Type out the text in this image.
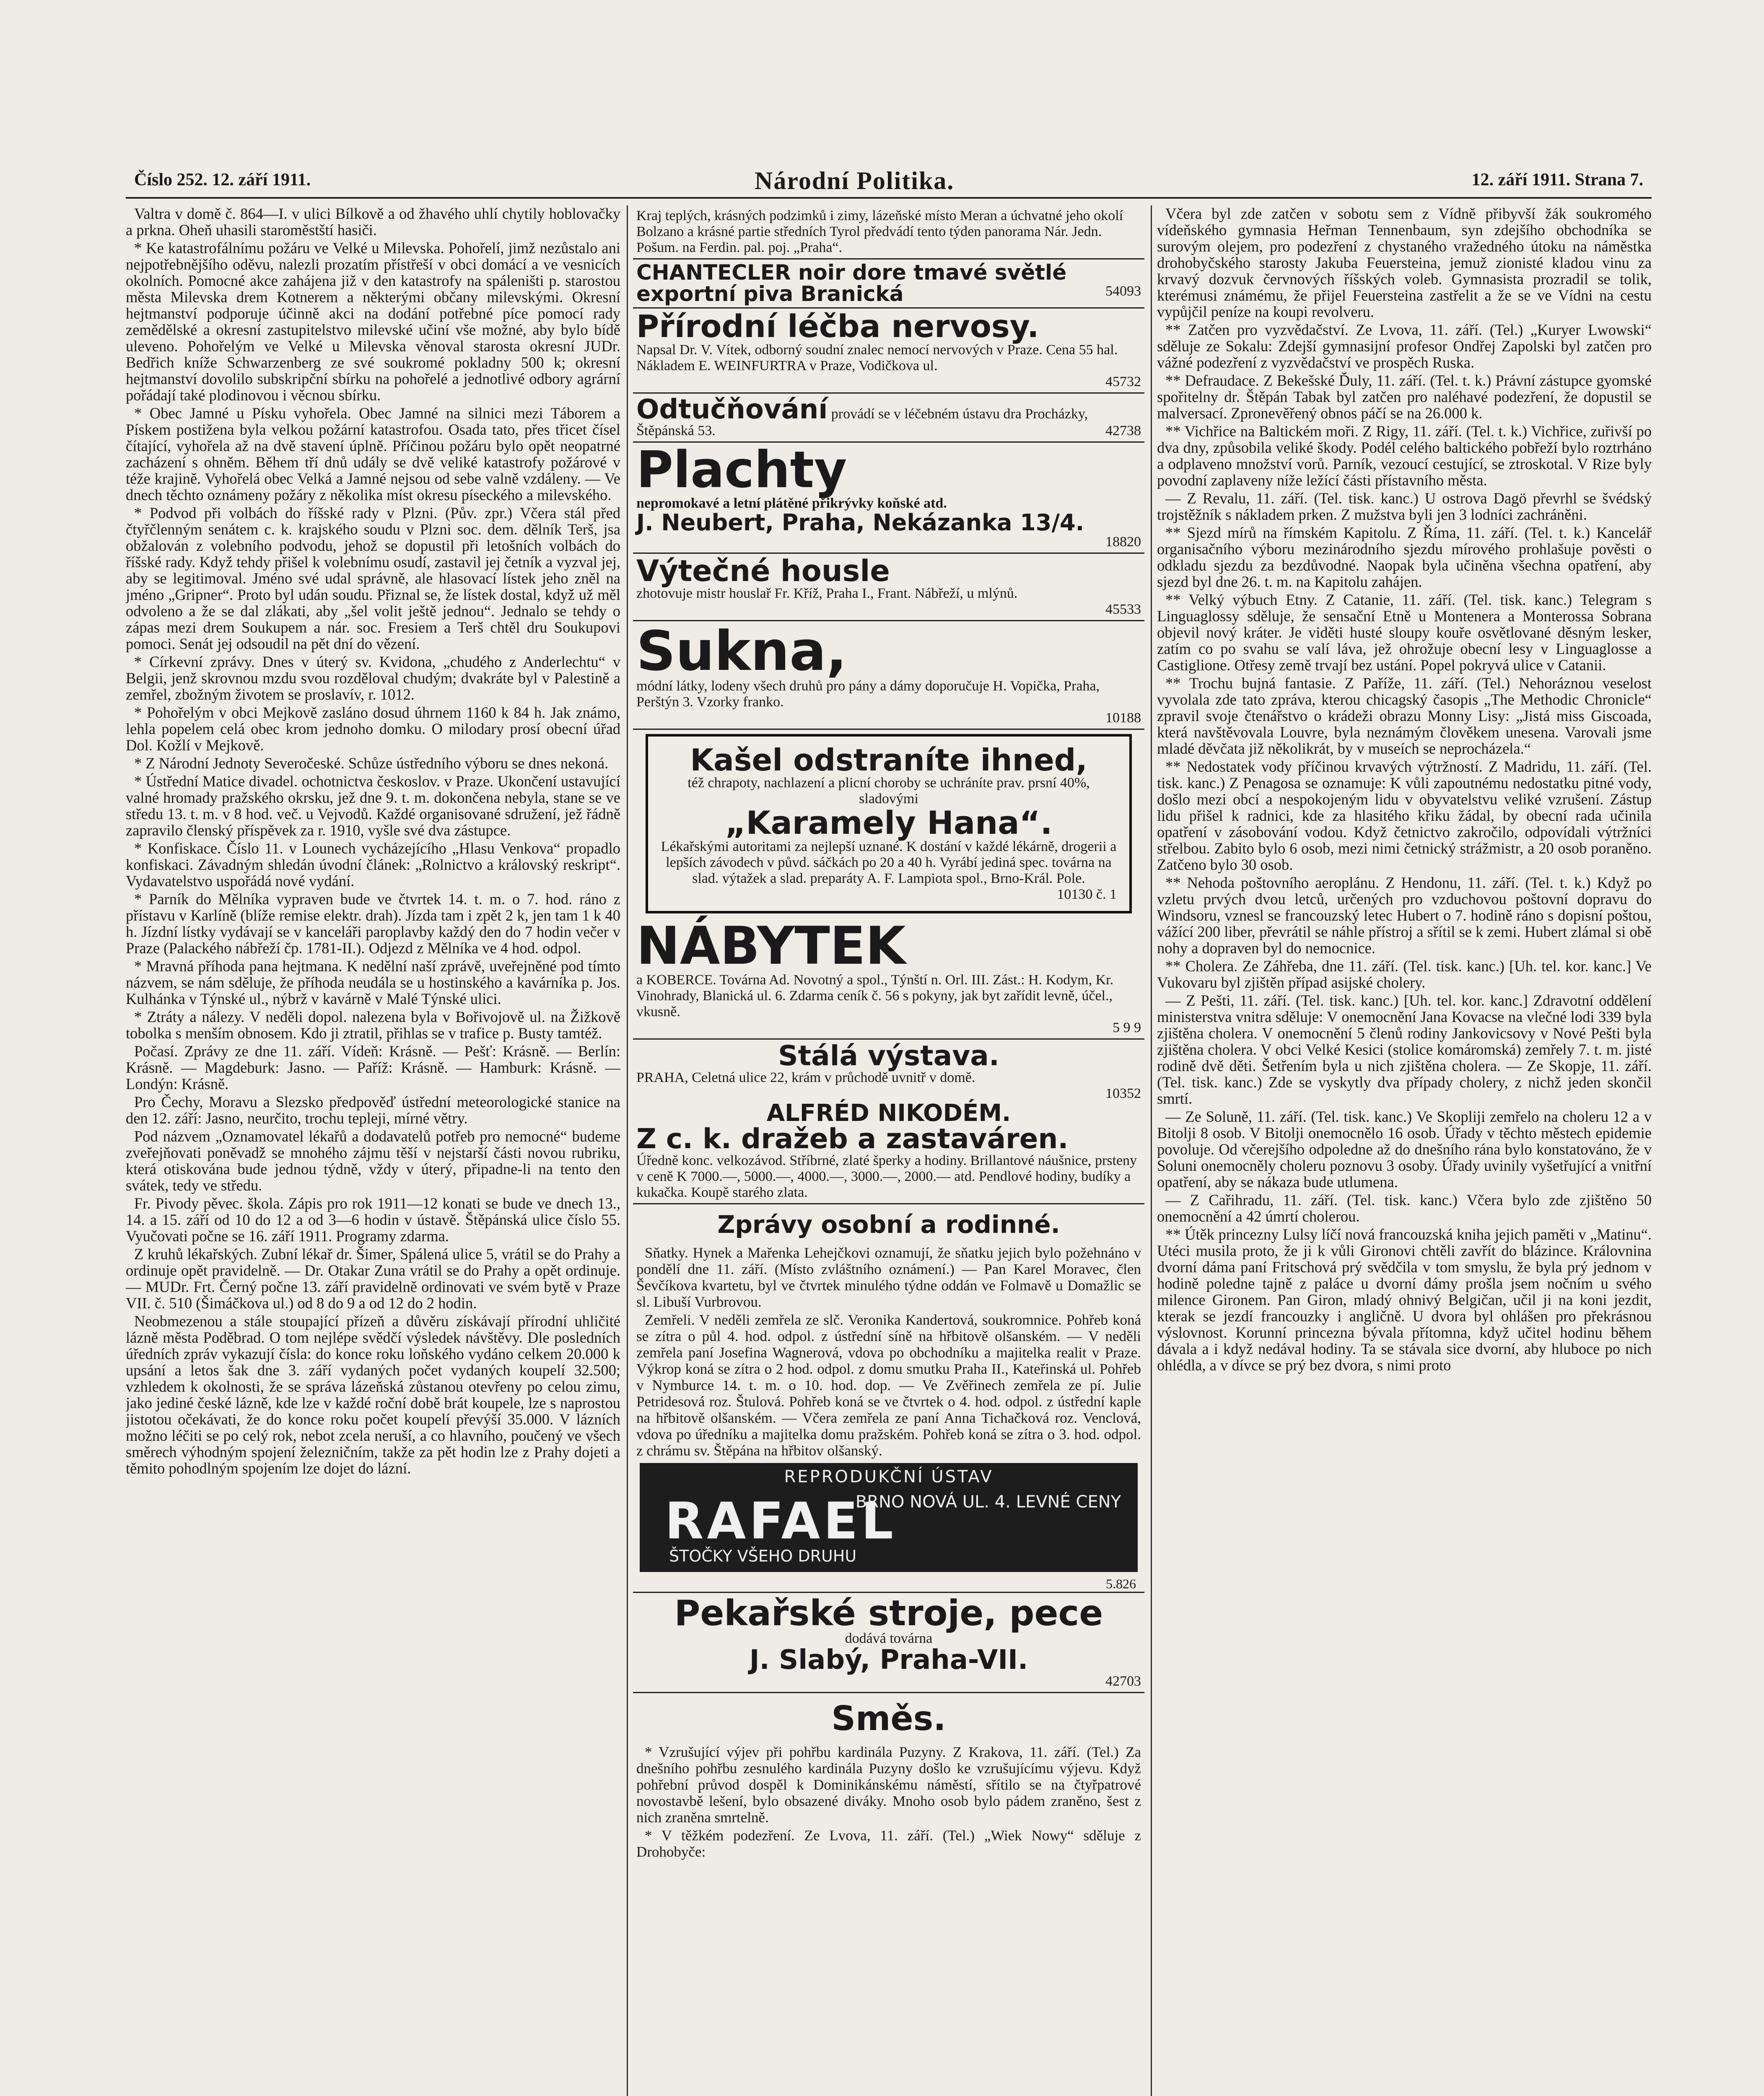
Číslo 252. 12. září 1911.	Národní Politika.	12. září 1911. Strana 7.

Valtra v domě č. 864—I. v ulici Bílkově a od žhavého uhlí chytily hoblovačky a prkna. Oheň uhasili staroměstští hasiči.

* Ke katastrofálnímu požáru ve Velké u Milevska. Pohořelí, jimž nezůstalo ani nejpotřebnějšího oděvu, nalezli prozatím přístřeší v obci domácí a ve vesnicích okolních. Pomocné akce zahájena již v den katastrofy na spáleništi p. starostou města Milevska drem Kotnerem a některými občany milevskými. Okresní hejtmanství podporuje účinně akci na dodání potřebné píce pomocí rady zemědělské a okresní zastupitelstvo milevské učiní vše možné, aby bylo bídě uleveno. Pohořelým ve Velké u Milevska věnoval starosta okresní JUDr. Bedřich kníže Schwarzenberg ze své soukromé pokladny 500 k; okresní hejtmanství dovolilo subskripční sbírku na pohořelé a jednotlivé odbory agrární pořádají také plodinovou i věcnou sbírku.

* Obec Jamné u Písku vyhořela. Obec Jamné na silnici mezi Táborem a Pískem postižena byla velkou požární katastrofou. Osada tato, přes třicet čísel čítající, vyhořela až na dvě stavení úplně. Příčinou požáru bylo opět neopatrné zacházení s ohněm. Během tří dnů udály se dvě veliké katastrofy požárové v téže krajině. Vyhořelá obec Velká a Jamné nejsou od sebe valně vzdáleny. — Ve dnech těchto oznámeny požáry z několika míst okresu píseckého a milevského.

* Podvod při volbách do říšské rady v Plzni. (Pův. zpr.) Včera stál před čtyřčlenným senátem c. k. krajského soudu v Plzni soc. dem. dělník Terš, jsa obžalován z volebního podvodu, jehož se dopustil při letošních volbách do říšské rady. Když tehdy přišel k volebnímu osudí, zastavil jej četník a vyzval jej, aby se legitimoval. Jméno své udal správně, ale hlasovací lístek jeho zněl na jméno „Gripner“. Proto byl udán soudu. Přiznal se, že lístek dostal, když už měl odvoleno a že se dal zlákati, aby „šel volit ještě jednou“. Jednalo se tehdy o zápas mezi drem Soukupem a nár. soc. Fresiem a Terš chtěl dru Soukupovi pomoci. Senát jej odsoudil na pět dní do vězení.

* Církevní zprávy. Dnes v úterý sv. Kvidona, „chudého z Anderlechtu“ v Belgii, jenž skrovnou mzdu svou rozděloval chudým; dvakráte byl v Palestině a zemřel, zbožným životem se proslavív, r. 1012.

* Pohořelým v obci Mejkově zasláno dosud úhrnem 1160 k 84 h. Jak známo, lehla popelem celá obec krom jednoho domku. O milodary prosí obecní úřad Dol. Kožlí v Mejkově.

* Z Národní Jednoty Severočeské. Schůze ústředního výboru se dnes nekoná.

* Ústřední Matice divadel. ochotnictva českoslov. v Praze. Ukončení ustavující valné hromady pražského okrsku, jež dne 9. t. m. dokončena nebyla, stane se ve středu 13. t. m. v 8 hod. več. u Vejvodů. Každé organisované sdružení, jež řádně zapravilo členský příspěvek za r. 1910, vyšle své dva zástupce.

* Konfiskace. Číslo 11. v Lounech vycházejícího „Hlasu Venkova“ propadlo konfiskaci. Závadným shledán úvodní článek: „Rolnictvo a královský reskript“. Vydavatelstvo uspořádá nové vydání.

* Parník do Mělníka vypraven bude ve čtvrtek 14. t. m. o 7. hod. ráno z přístavu v Karlíně (blíže remise elektr. drah). Jízda tam i zpět 2 k, jen tam 1 k 40 h. Jízdní lístky vydávají se v kanceláři paroplavby každý den do 7 hodin večer v Praze (Palackého nábřeží čp. 1781-II.). Odjezd z Mělníka ve 4 hod. odpol.

* Mravná příhoda pana hejtmana. K nedělní naší zprávě, uveřejněné pod tímto názvem, se nám sděluje, že příhoda neudála se u hostinského a kavárníka p. Jos. Kulhánka v Týnské ul., nýbrž v kavárně v Malé Týnské ulici.

* Ztráty a nálezy. V neděli dopol. nalezena byla v Bořivojově ul. na Žižkově tobolka s menším obnosem. Kdo ji ztratil, přihlas se v trafice p. Busty tamtéž.

Počasí. Zprávy ze dne 11. září. Vídeň: Krásně. — Pešť: Krásně. — Berlín: Krásně. — Magdeburk: Jasno. — Paříž: Krásně. — Hamburk: Krásně. — Londýn: Krásně.

Pro Čechy, Moravu a Slezsko předpověď ústřední meteorologické stanice na den 12. září: Jasno, neurčito, trochu tepleji, mírné větry.

Pod názvem „Oznamovatel lékařů a dodavatelů potřeb pro nemocné“ budeme zveřejňovati poněvadž se mnohého zájmu těší v nejstarší části novou rubriku, která otiskována bude jednou týdně, vždy v úterý, připadne-li na tento den svátek, tedy ve středu.

Fr. Pivody pěvec. škola. Zápis pro rok 1911—12 konati se bude ve dnech 13., 14. a 15. září od 10 do 12 a od 3—6 hodin v ústavě. Štěpánská ulice číslo 55. Vyučovati počne se 16. září 1911. Programy zdarma.

Z kruhů lékařských. Zubní lékař dr. Šimer, Spálená ulice 5, vrátil se do Prahy a ordinuje opět pravidelně. — Dr. Otakar Zuna vrátil se do Prahy a opět ordinuje. — MUDr. Frt. Černý počne 13. září pravidelně ordinovati ve svém bytě v Praze VII. č. 510 (Šimáčkova ul.) od 8 do 9 a od 12 do 2 hodin.

Neobmezenou a stále stoupající přízeň a důvěru získávají přírodní uhličité lázně města Poděbrad. O tom nejlépe svědčí výsledek návštěvy. Dle posledních úředních zpráv vykazují čísla: do konce roku loňského vydáno celkem 20.000 k upsání a letos šak dne 3. září vydaných počet vydaných koupelí 32.500; vzhledem k okolnosti, že se správa lázeňská zůstanou otevřeny po celou zimu, jako jediné české lázně, kde lze v každé roční době brát koupele, lze s naprostou jistotou očekávati, že do konce roku počet koupelí převýší 35.000. V lázních možno léčiti se po celý rok, nebot zcela neruší, a co hlavního, poučený ve všech směrech výhodným spojení železničním, takže za pět hodin lze z Prahy dojeti a těmito pohodlným spojením lze dojet do lázní.

Kraj teplých, krásných podzimků i zimy, lázeňské místo Meran a úchvatné jeho okolí Bolzano a krásné partie středních Tyrol předvádí tento týden panorama Nár. Jedn. Pošum. na Ferdin. pal. poj. „Praha“.
CHANTECLER noir dore tmavé světlé exportní piva Branická	54093
Přírodní léčba nervosy.
Napsal Dr. V. Vítek, odborný soudní znalec nemocí nervových v Praze. Cena 55 hal.
Nákladem E. WEINFURTRA v Praze, Vodičkova ul.
45732
Odtučňování provádí se v léčebném ústavu dra Procházky, Štěpánská 53.	42738
Plachty
nepromokavé a letní plátěné přikrývky koňské atd.
J. Neubert, Praha, Nekázanka 13/4.
18820
Výtečné housle
zhotovuje mistr houslař Fr. Kříž, Praha I., Frant. Nábřeží, u mlýnů.
45533
Sukna,
módní látky, lodeny všech druhů pro pány a dámy doporučuje H. Vopička, Praha, Perštýn 3. Vzorky franko.
10188
Kašel odstraníte ihned,
též chrapoty, nachlazení a plicní choroby se uchráníte prav. prsní 40%, sladovými
„Karamely Hana“.
Lékařskými autoritami za nejlepší uznané. K dostání v každé lékárně, drogerii a lepších závodech v půvd. sáčkách po 20 a 40 h. Vyrábí jediná spec. továrna na slad. výtažek a slad. preparáty A. F. Lampiota spol., Brno-Král. Pole.
10130 č. 1
NÁBYTEK
a KOBERCE. Továrna Ad. Novotný a spol., Týnští n. Orl. III. Zást.: H. Kodym, Kr. Vinohrady, Blanická ul. 6. Zdarma ceník č. 56 s pokyny, jak byt zařídit levně, účel., vkusně.
5 9 9
Stálá výstava.
PRAHA, Celetná ulice 22, krám v průchodě uvnitř v domě.
10352
ALFRÉD NIKODÉM.
Z c. k. dražeb a zastaváren.
Úředně konc. velkozávod. Stříbrné, zlaté šperky a hodiny. Brillantové náušnice, prsteny v ceně K 7000.—, 5000.—, 4000.—, 3000.—, 2000.— atd. Pendlové hodiny, budíky a kukačka. Koupě starého zlata.
Zprávy osobní a rodinné.

Sňatky. Hynek a Mařenka Lehejčkovi oznamují, že sňatku jejich bylo požehnáno v pondělí dne 11. září. (Místo zvláštního oznámení.) — Pan Karel Moravec, člen Ševčíkova kvartetu, byl ve čtvrtek minulého týdne oddán ve Folmavě u Domažlic se sl. Libuší Vurbrovou.

Zemřeli. V neděli zemřela ze slč. Veronika Kandertová, soukromnice. Pohřeb koná se zítra o půl 4. hod. odpol. z ústřední síně na hřbitově olšanském. — V neděli zemřela paní Josefina Wagnerová, vdova po obchodníku a majitelka realit v Praze. Výkrop koná se zítra o 2 hod. odpol. z domu smutku Praha II., Kateřinská ul. Pohřeb v Nymburce 14. t. m. o 10. hod. dop. — Ve Zvěřinech zemřela ze pí. Julie Petridesová roz. Štulová. Pohřeb koná se ve čtvrtek o 4. hod. odpol. z ústřední kaple na hřbitově olšanském. — Včera zemřela ze paní Anna Tichačková roz. Venclová, vdova po úředníku a majitelka domu pražském. Pohřeb koná se zítra o 3. hod. odpol. z chrámu sv. Štěpána na hřbitov olšanský.

REPRODUKČNÍ ÚSTAV
RAFAEL
ŠTOČKY VŠEHO DRUHU
BRNO NOVÁ UL. 4. LEVNÉ CENY
5.826
Pekařské stroje, pece
dodává továrna
J. Slabý, Praha-VII.
42703
Směs.

* Vzrušující výjev při pohřbu kardinála Puzyny. Z Krakova, 11. září. (Tel.) Za dnešního pohřbu zesnulého kardinála Puzyny došlo ke vzrušujícímu výjevu. Když pohřební průvod dospěl k Dominikánskému náměstí, sřítilo se na čtyřpatrové novostavbě lešení, bylo obsazené diváky. Mnoho osob bylo pádem zraněno, šest z nich zraněna smrtelně.

* V těžkém podezření. Ze Lvova, 11. září. (Tel.) „Wiek Nowy“ sděluje z Drohobyče:

Včera byl zde zatčen v sobotu sem z Vídně přibyvší žák soukromého vídeňského gymnasia Heřman Tennenbaum, syn zdejšího obchodníka se surovým olejem, pro podezření z chystaného vražedného útoku na náměstka drohobyčského starosty Jakuba Feuersteina, jemuž zionisté kladou vinu za krvavý dozvuk červnových říšských voleb. Gymnasista prozradil se tolik, kterémusi známému, že přijel Feuersteina zastřelit a že se ve Vídni na cestu vypůjčil peníze na koupi revolveru.

** Zatčen pro vyzvědačství. Ze Lvova, 11. září. (Tel.) „Kuryer Lwowski“ sděluje ze Sokalu: Zdejší gymnasijní profesor Ondřej Zapolski byl zatčen pro vážné podezření z vyzvědačství ve prospěch Ruska.

** Defraudace. Z Bekešské Ďuly, 11. září. (Tel. t. k.) Právní zástupce gyomské spořitelny dr. Štěpán Tabak byl zatčen pro naléhavé podezření, že dopustil se malversací. Zpronevěřený obnos páčí se na 26.000 k.

** Vichřice na Baltickém moři. Z Rigy, 11. září. (Tel. t. k.) Vichřice, zuřivší po dva dny, způsobila veliké škody. Podél celého baltického pobřeží bylo roztrháno a odplaveno množství vorů. Parník, vezoucí cestující, se ztroskotal. V Rize byly povodní zaplaveny níže ležící části přístavního města.

— Z Revalu, 11. září. (Tel. tisk. kanc.) U ostrova Dagö převrhl se švédský trojstěžník s nákladem prken. Z mužstva byli jen 3 lodníci zachráněni.

** Sjezd mírů na římském Kapitolu. Z Říma, 11. září. (Tel. t. k.) Kancelář organisačního výboru mezinárodního sjezdu mírového prohlašuje pověsti o odkladu sjezdu za bezdůvodné. Naopak byla učiněna všechna opatření, aby sjezd byl dne 26. t. m. na Kapitolu zahájen.

** Velký výbuch Etny. Z Catanie, 11. září. (Tel. tisk. kanc.) Telegram s Linguaglossy sděluje, že sensační Etně u Montenera a Monterossa Sobrana objevil nový kráter. Je viděti husté sloupy kouře osvětlované děsným lesker, zatím co po svahu se valí láva, jež ohrožuje obecní lesy v Linguaglosse a Castiglione. Otřesy země trvají bez ustání. Popel pokryvá ulice v Catanii.

** Trochu bujná fantasie. Z Paříže, 11. září. (Tel.) Nehoráznou veselost vyvolala zde tato zpráva, kterou chicagský časopis „The Methodic Chronicle“ zpravil svoje čtenářstvo o krádeži obrazu Monny Lisy: „Jistá miss Giscoada, která navštěvovala Louvre, byla neznámým člověkem unesena. Varovali jsme mladé děvčata již několikrát, by v museích se neprocházela.“

** Nedostatek vody příčinou krvavých výtržností. Z Madridu, 11. září. (Tel. tisk. kanc.) Z Penagosa se oznamuje: K vůli zapoutnému nedostatku pitné vody, došlo mezi obcí a nespokojeným lidu v obyvatelstvu veliké vzrušení. Zástup lidu přišel k radnici, kde za hlasitého křiku žádal, by obecní rada učinila opatření v zásobování vodou. Když četnictvo zakročilo, odpovídali výtržníci střelbou. Zabito bylo 6 osob, mezi nimi četnický strážmistr, a 20 osob poraněno. Zatčeno bylo 30 osob.

** Nehoda poštovního aeroplánu. Z Hendonu, 11. září. (Tel. t. k.) Když po vzletu prvých dvou letců, určených pro vzduchovou poštovní dopravu do Windsoru, vznesl se francouzský letec Hubert o 7. hodině ráno s dopisní poštou, vážící 200 liber, převrátil se náhle přístroj a sřítil se k zemi. Hubert zlámal si obě nohy a dopraven byl do nemocnice.

** Cholera. Ze Záhřeba, dne 11. září. (Tel. tisk. kanc.) [Uh. tel. kor. kanc.] Ve Vukovaru byl zjištěn případ asijské cholery.

— Z Pešti, 11. září. (Tel. tisk. kanc.) [Uh. tel. kor. kanc.] Zdravotní oddělení ministerstva vnitra sděluje: V onemocnění Jana Kovacse na vlečné lodi 339 byla zjištěna cholera. V onemocnění 5 členů rodiny Jankovicsovy v Nové Pešti byla zjištěna cholera. V obci Velké Kesici (stolice komáromská) zemřely 7. t. m. jisté rodině dvě děti. Šetřením byla u nich zjištěna cholera. — Ze Skopje, 11. září. (Tel. tisk. kanc.) Zde se vyskytly dva případy cholery, z nichž jeden skončil smrtí.

— Ze Soluně, 11. září. (Tel. tisk. kanc.) Ve Skopliji zemřelo na choleru 12 a v Bitolji 8 osob. V Bitolji onemocnělo 16 osob. Úřady v těchto městech epidemie povoluje. Od včerejšího odpoledne až do dnešního rána bylo konstatováno, že v Soluni onemocněly choleru poznovu 3 osoby. Úřady uvinily vyšetřující a vnitřní opatření, aby se nákaza bude utlumena.

— Z Cařihradu, 11. září. (Tel. tisk. kanc.) Včera bylo zde zjištěno 50 onemocnění a 42 úmrtí cholerou.

** Útěk princezny Lulsy líčí nová francouzská kniha jejich paměti v „Matinu“. Utéci musila proto, že ji k vůli Gironovi chtěli zavřít do blázince. Královnina dvorní dáma paní Fritschová prý svědčila v tom smyslu, že byla prý jednom v hodině poledne tajně z paláce u dvorní dámy prošla jsem nočním u svého milence Gironem. Pan Giron, mladý ohnivý Belgičan, učil ji na koni jezdit, kterak se jezdí francouzky i angličně. U dvora byl ohlášen pro překrásnou výslovnost. Korunní princezna bývala přítomna, když učitel hodinu během dávala a i když nedával hodiny. Ta se stávala sice dvorní, aby hluboce po nich ohlédla, a v dívce se prý bez dvora, s nimi proto
